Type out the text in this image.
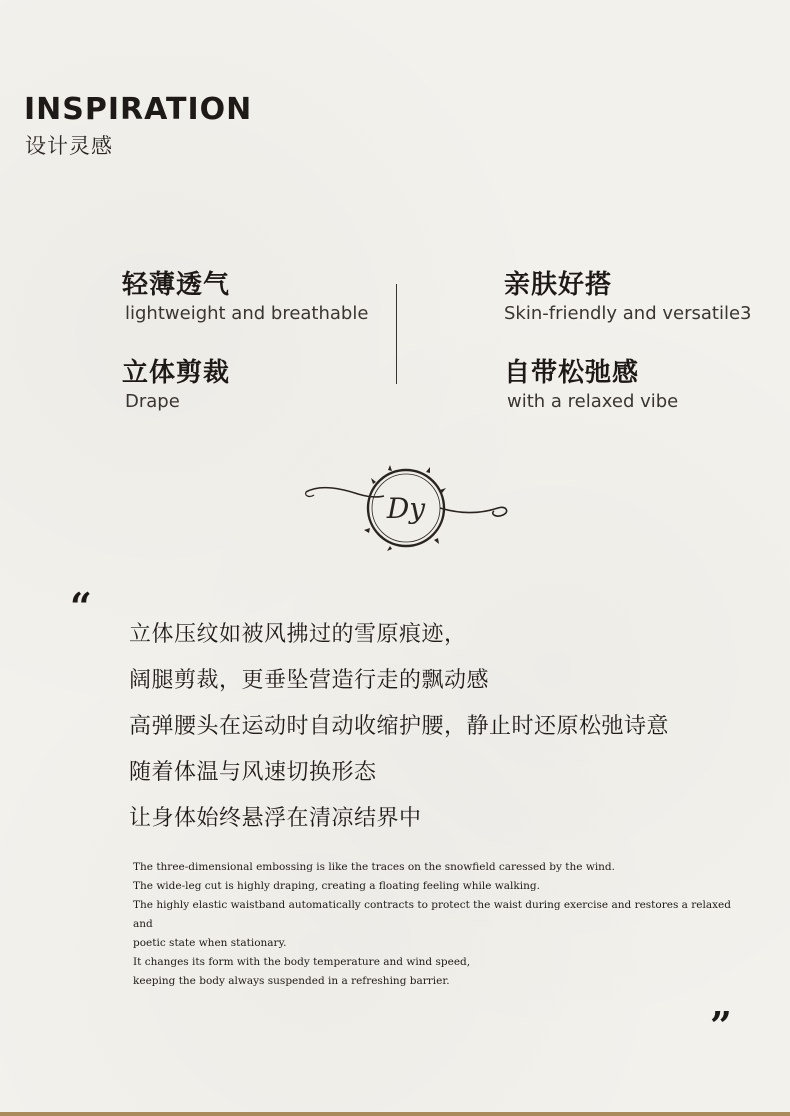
INSPIRATION
设计灵感
轻薄透气
lightweight and breathable
亲肤好搭
Skin-friendly and versatile3
立体剪裁
Drape
自带松弛感
with a relaxed vibe
Dy
“
立体压纹如被风拂过的雪原痕迹，
阔腿剪裁，更垂坠营造行走的飘动感
高弹腰头在运动时自动收缩护腰，静止时还原松弛诗意
随着体温与风速切换形态
让身体始终悬浮在清凉结界中
The three-dimensional embossing is like the traces on the snowfield caressed by the wind.
The wide-leg cut is highly draping, creating a floating feeling while walking.
The highly elastic waistband automatically contracts to protect the waist during exercise and restores a relaxed and
poetic state when stationary.
It changes its form with the body temperature and wind speed,
keeping the body always suspended in a refreshing barrier.
”
